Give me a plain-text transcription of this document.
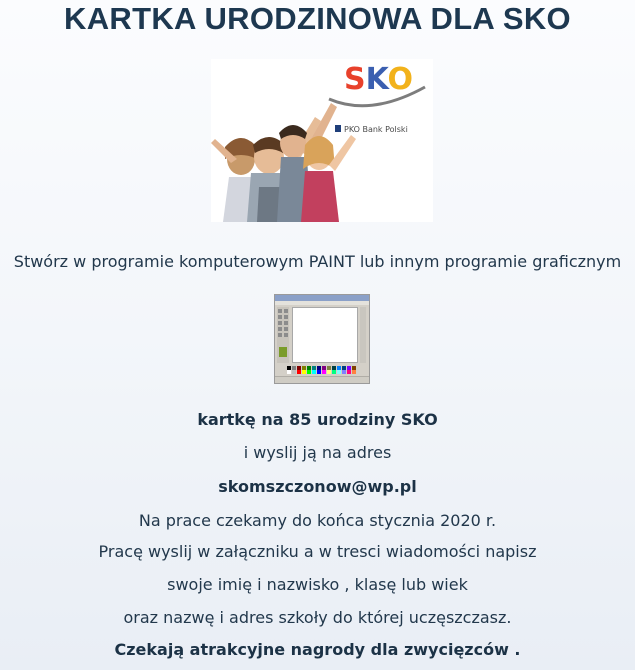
KARTKA URODZINOWA DLA SKO
SKO
PKO Bank Polski
Stwórz w programie komputerowym PAINT lub innym programie graficznym
kartkę na 85 urodziny SKO
i wyslij ją na adres
skomszczonow@wp.pl
Na prace czekamy do końca stycznia 2020 r.
Pracę wyslij w załączniku a w tresci wiadomości napisz
swoje imię i nazwisko , klasę lub wiek
oraz nazwę i adres szkoły do której uczęszczasz.
Czekają atrakcyjne nagrody dla zwycięzców .
